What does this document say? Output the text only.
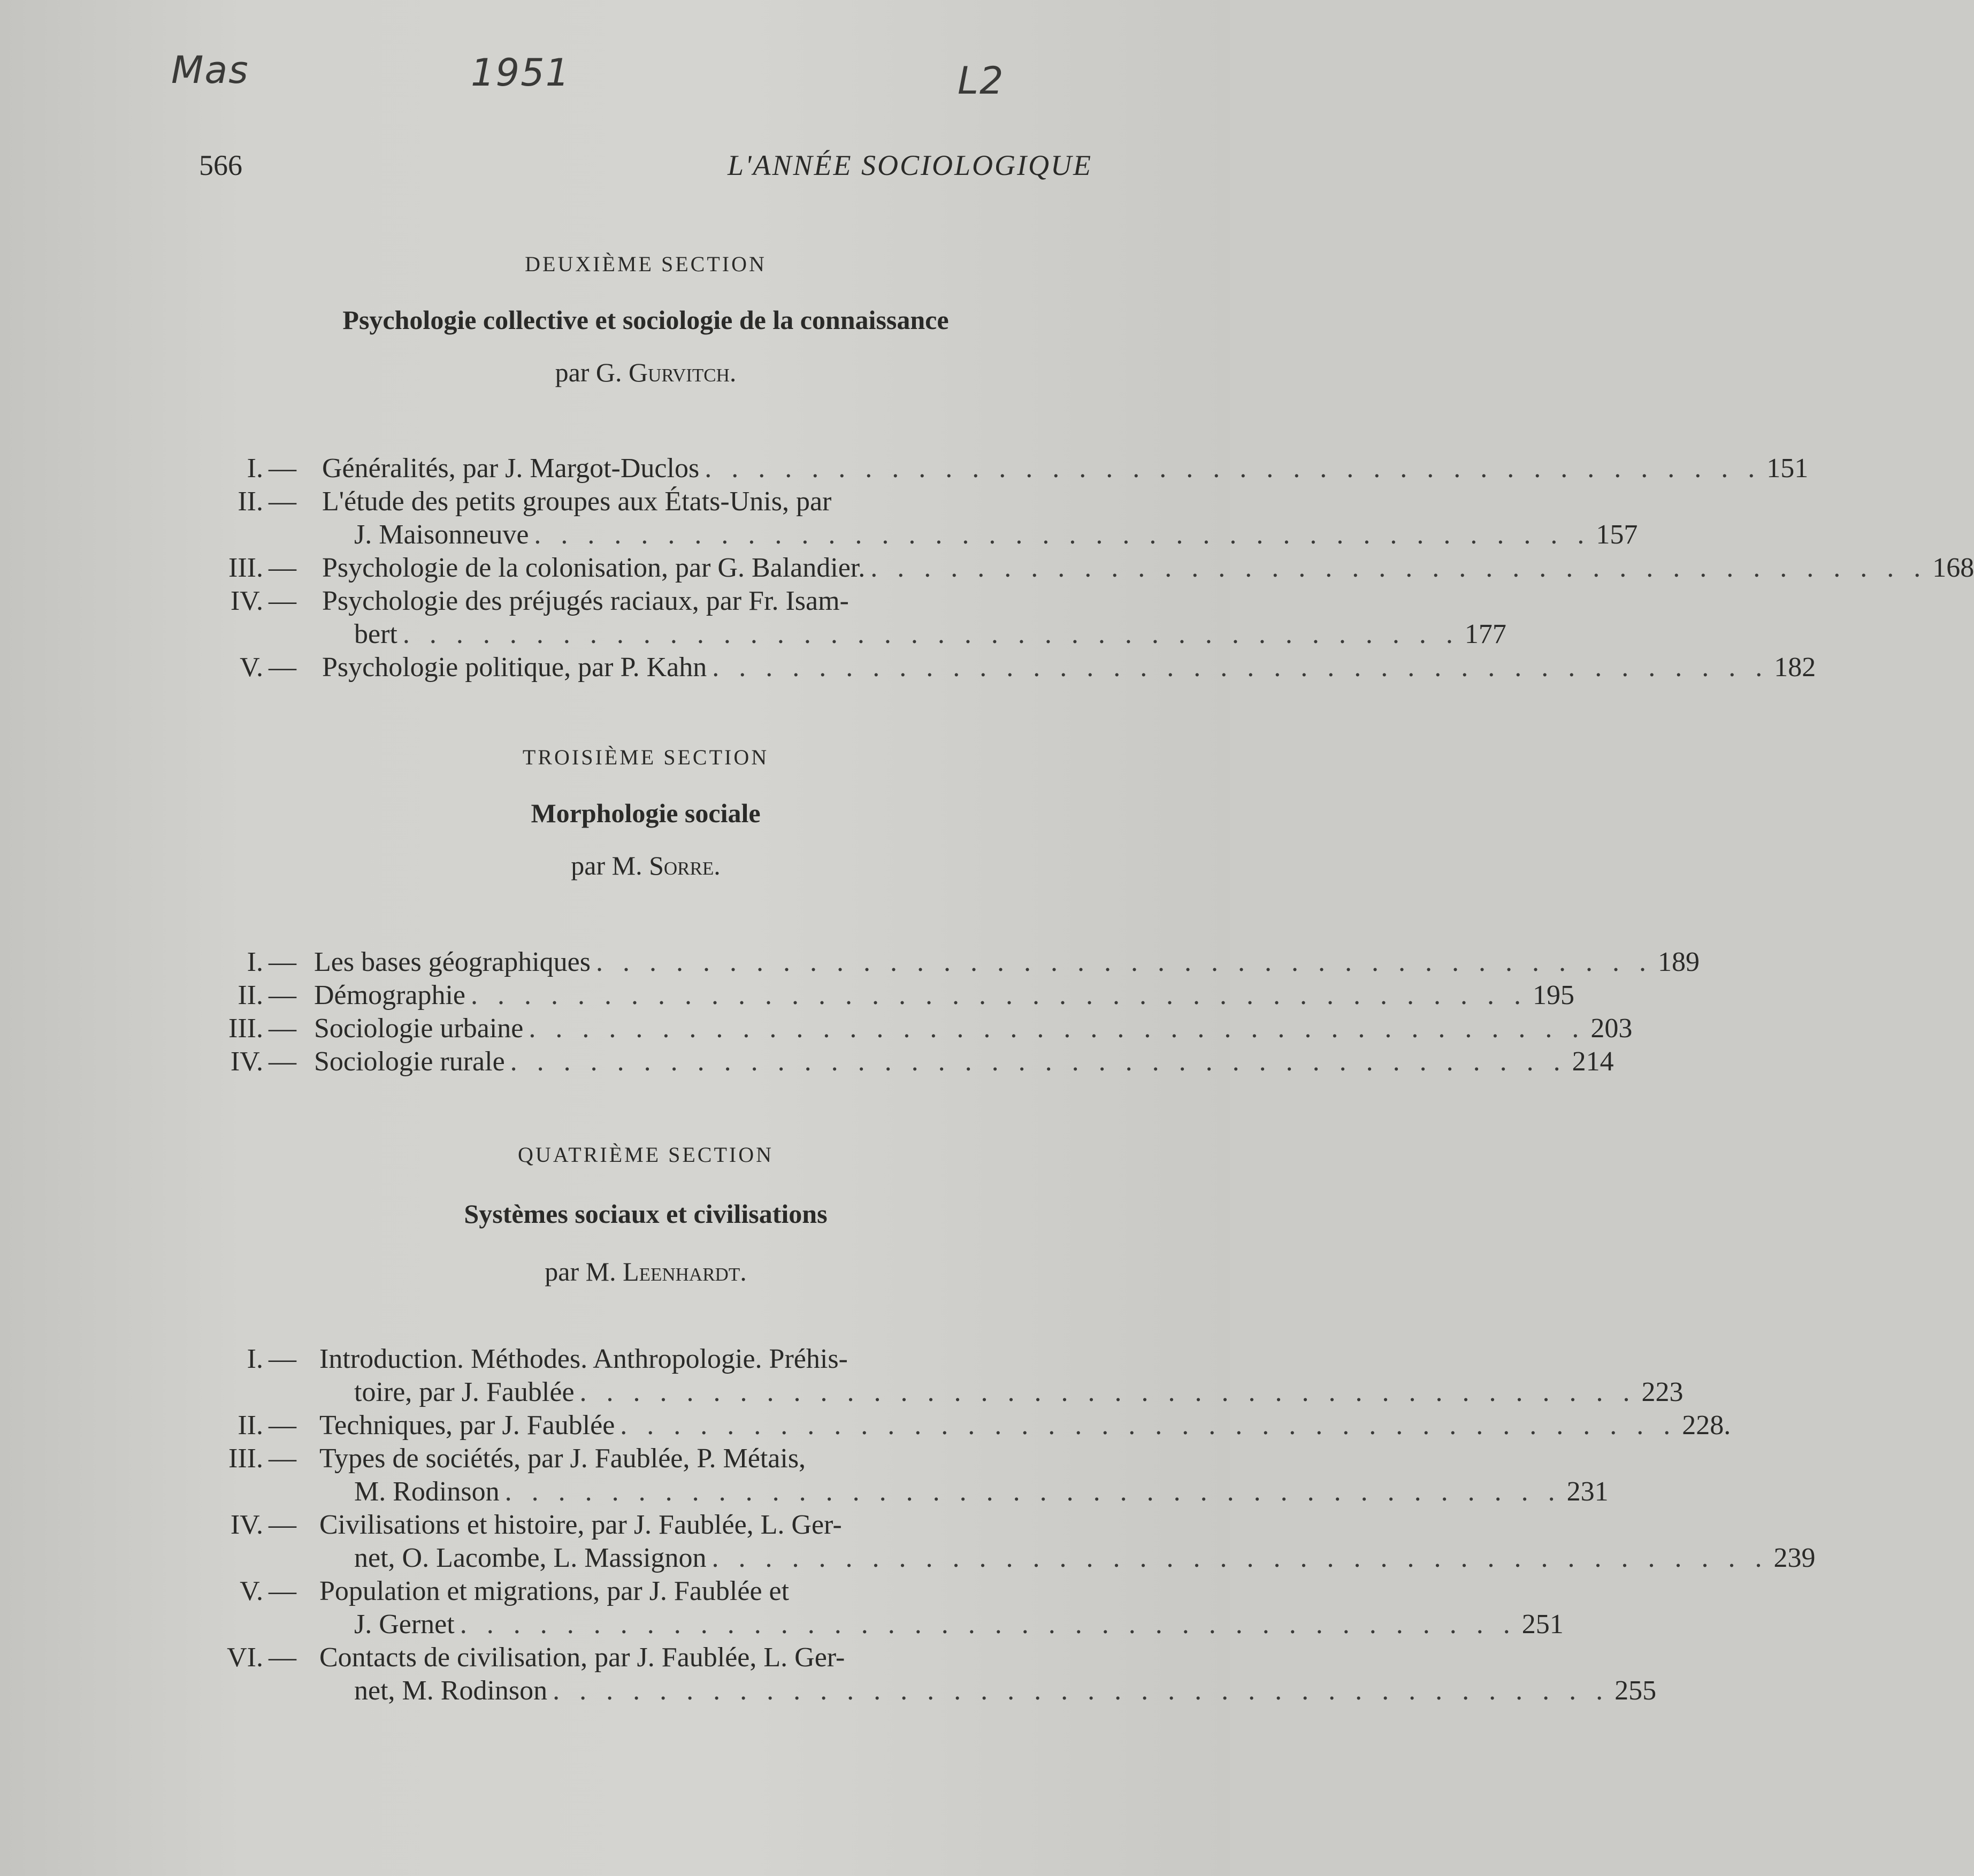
Mas	1951	L2
566	L'ANNÉE SOCIOLOGIQUE
DEUXIÈME SECTION
Psychologie collective et sociologie de la connaissance
par G. Gurvitch.
I. — Généralités, par J. Margot-Duclos . . . . . . . . . . . . . . . . . . . . . . . . . . . . . . . . . . . . . . . . 151
II. — L'étude des petits groupes aux États-Unis, par
J. Maisonneuve . . . . . . . . . . . . . . . . . . . . . . . . . . . . . . . . . . . . . . . . 157
III. — Psychologie de la colonisation, par G. Balandier. . . . . . . . . . . . . . . . . . . . . . . . . . . . . . . . . . . . . . . . . 168
IV. — Psychologie des préjugés raciaux, par Fr. Isam-
bert . . . . . . . . . . . . . . . . . . . . . . . . . . . . . . . . . . . . . . . . 177
V. — Psychologie politique, par P. Kahn . . . . . . . . . . . . . . . . . . . . . . . . . . . . . . . . . . . . . . . . 182
TROISIÈME SECTION
Morphologie sociale
par M. Sorre.
I. — Les bases géographiques . . . . . . . . . . . . . . . . . . . . . . . . . . . . . . . . . . . . . . . . 189
II. — Démographie . . . . . . . . . . . . . . . . . . . . . . . . . . . . . . . . . . . . . . . . 195
III. — Sociologie urbaine . . . . . . . . . . . . . . . . . . . . . . . . . . . . . . . . . . . . . . . . 203
IV. — Sociologie rurale . . . . . . . . . . . . . . . . . . . . . . . . . . . . . . . . . . . . . . . . 214
QUATRIÈME SECTION
Systèmes sociaux et civilisations
par M. Leenhardt.
I. — Introduction. Méthodes. Anthropologie. Préhis-
toire, par J. Faublée . . . . . . . . . . . . . . . . . . . . . . . . . . . . . . . . . . . . . . . . 223
II. — Techniques, par J. Faublée . . . . . . . . . . . . . . . . . . . . . . . . . . . . . . . . . . . . . . . . 228.
III. — Types de sociétés, par J. Faublée, P. Métais,
M. Rodinson . . . . . . . . . . . . . . . . . . . . . . . . . . . . . . . . . . . . . . . . 231
IV. — Civilisations et histoire, par J. Faublée, L. Ger-
net, O. Lacombe, L. Massignon . . . . . . . . . . . . . . . . . . . . . . . . . . . . . . . . . . . . . . . . 239
V. — Population et migrations, par J. Faublée et
J. Gernet . . . . . . . . . . . . . . . . . . . . . . . . . . . . . . . . . . . . . . . . 251
VI. — Contacts de civilisation, par J. Faublée, L. Ger-
net, M. Rodinson . . . . . . . . . . . . . . . . . . . . . . . . . . . . . . . . . . . . . . . . 255
